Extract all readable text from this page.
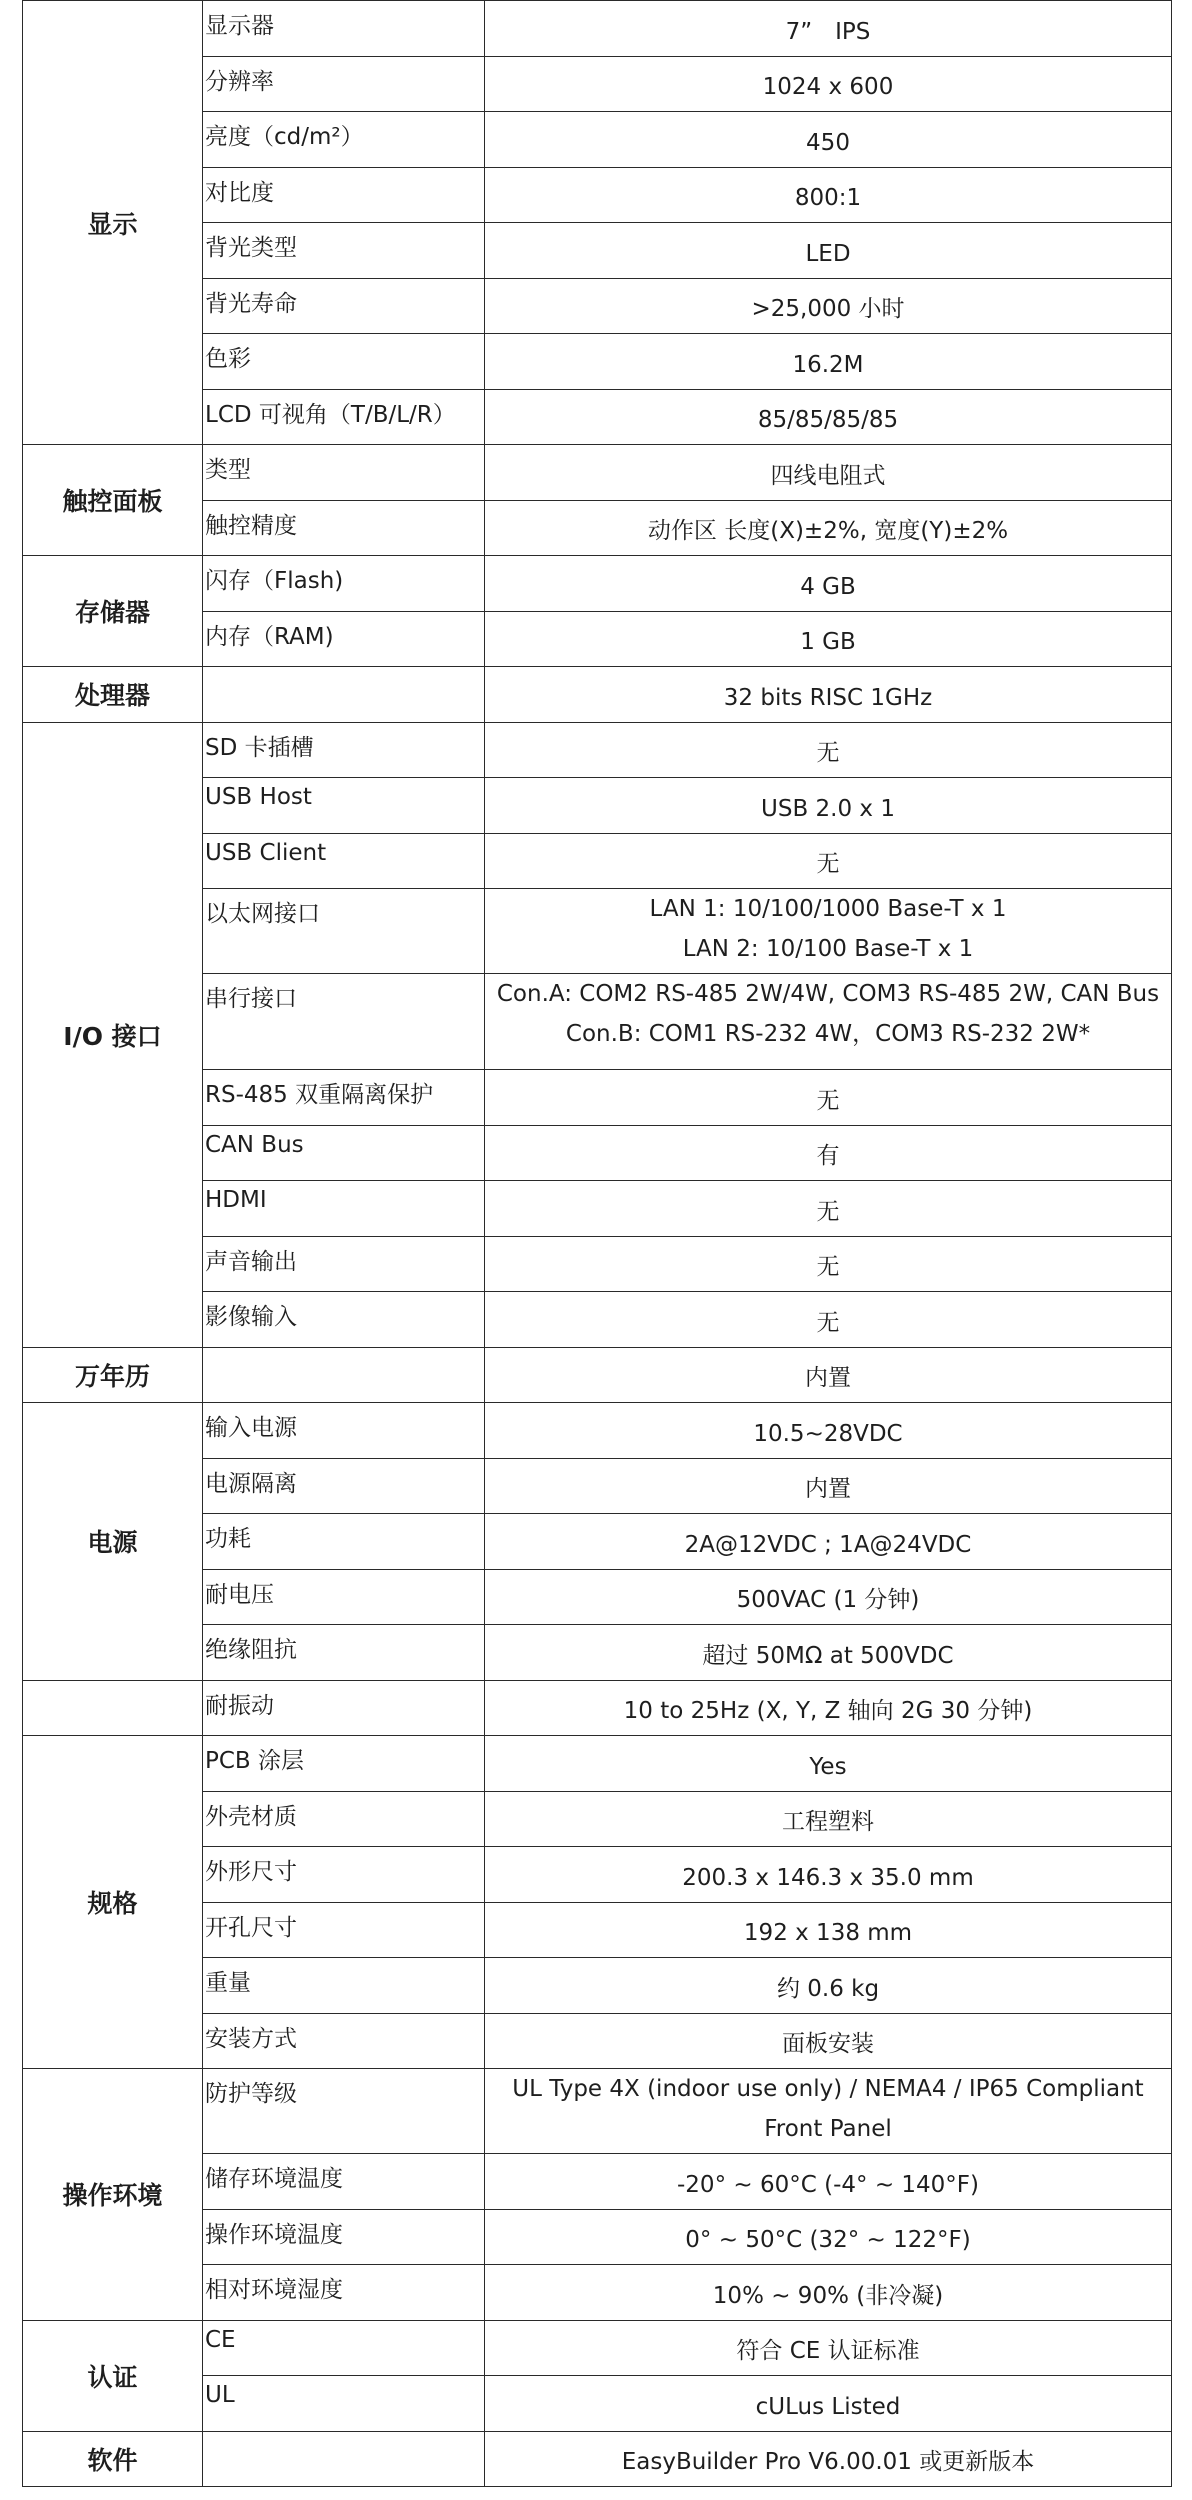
显示	显示器	7”　IPS

	分辨率	1024 x 600

	亮度（cd/m²）	450

	对比度	800:1

	背光类型	LED

	背光寿命	>25,000 小时

	色彩	16.2M

	LCD 可视角（T/B/L/R）	85/85/85/85

触控面板	类型	四线电阻式

	触控精度	动作区 长度(X)±2%, 宽度(Y)±2%

存储器	闪存（Flash)	4 GB

	内存（RAM)	1 GB

处理器		32 bits RISC 1GHz

I/O 接口	SD 卡插槽	无

	USB Host	USB 2.0 x 1

	USB Client	无

	以太网接口	LAN 1: 10/100/1000 Base-T x 1
LAN 2: 10/100 Base-T x 1

	串行接口	Con.A: COM2 RS-485 2W/4W, COM3 RS-485 2W, CAN Bus
Con.B: COM1 RS-232 4W，COM3 RS-232 2W*

	RS-485 双重隔离保护	无

	CAN Bus	有

	HDMI	无

	声音输出	无

	影像输入	无

万年历		内置

电源	输入电源	10.5~28VDC

	电源隔离	内置

	功耗	2A@12VDC ; 1A@24VDC

	耐电压	500VAC (1 分钟)

	绝缘阻抗	超过 50MΩ at 500VDC

	耐振动	10 to 25Hz (X, Y, Z 轴向 2G 30 分钟)

规格	PCB 涂层	Yes

	外壳材质	工程塑料

	外形尺寸	200.3 x 146.3 x 35.0 mm

	开孔尺寸	192 x 138 mm

	重量	约 0.6 kg

	安装方式	面板安装

操作环境	防护等级	UL Type 4X (indoor use only) / NEMA4 / IP65 Compliant
Front Panel

	储存环境温度	-20° ~ 60°C (-4° ~ 140°F)

	操作环境温度	0° ~ 50°C (32° ~ 122°F)

	相对环境湿度	10% ~ 90% (非冷凝)

认证	CE	符合 CE 认证标准

	UL	cULus Listed

软件		EasyBuilder Pro V6.00.01 或更新版本
